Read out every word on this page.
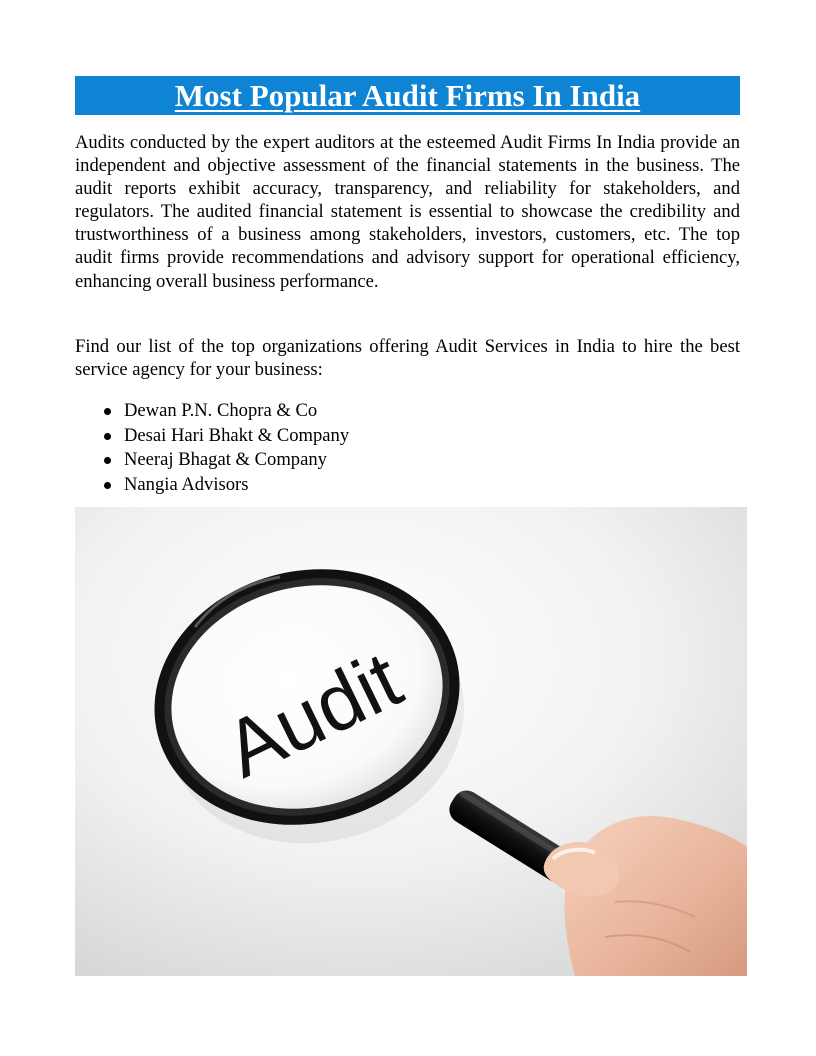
Most Popular Audit Firms In India

Audits conducted by the expert auditors at the esteemed Audit Firms In India provide an independent and objective assessment of the financial statements in the business. The audit reports exhibit accuracy, transparency, and reliability for stakeholders, and regulators. The audited financial statement is essential to showcase the credibility and trustworthiness of a business among stakeholders, investors, customers, etc. The top audit firms provide recommendations and advisory support for operational efficiency, enhancing overall business performance.

Find our list of the top organizations offering Audit Services in India to hire the best service agency for your business:

Dewan P.N. Chopra & Co
Desai Hari Bhakt & Company
Neeraj Bhagat & Company
Nangia Advisors
Audit
